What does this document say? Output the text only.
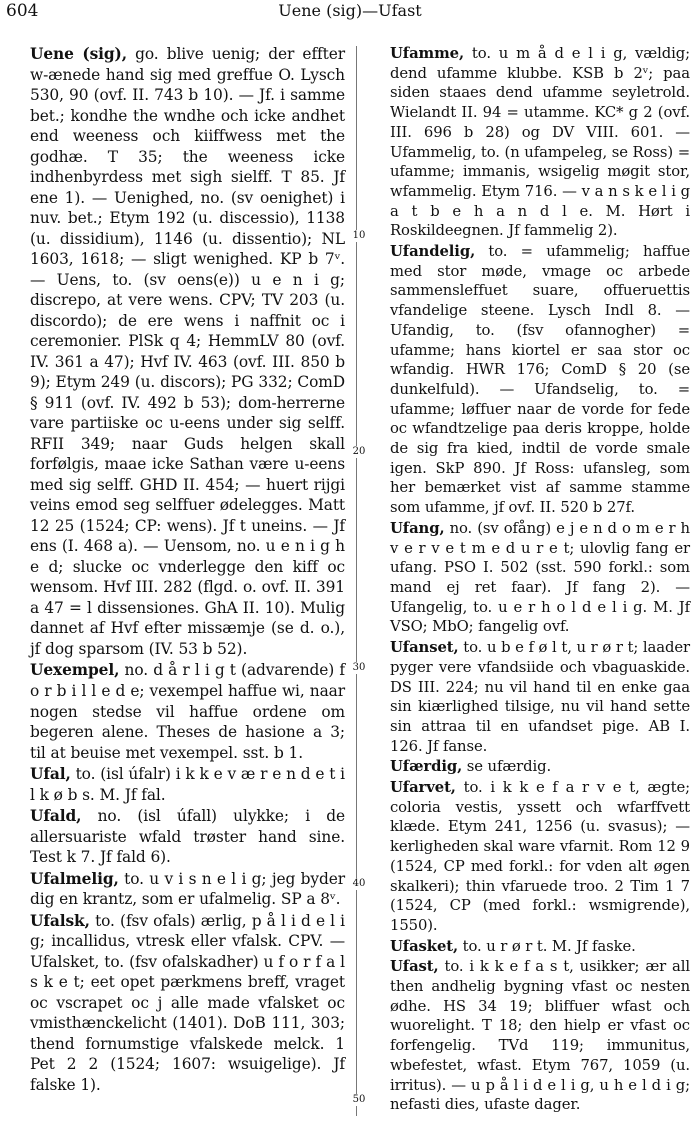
604	Uene (sig)—Ufast

Uene (sig), go. blive uenig; der effter w-ænede hand sig med greffue O. Lysch 530, 90 (ovf. II. 743 b 10). — Jf. i samme bet.; kondhe the wndhe och icke andhet end weeness och kiiffwess met the godhæ. T 35; the weeness icke indhenbyrdess met sigh sielff. T 85. Jf ene 1). — Uenighed, no. (sv oenighet) i nuv. bet.; Etym 192 (u. discessio), 1138 (u. dissidium), 1146 (u. dissentio); NL 1603, 1618; — sligt wenighed. KP b 7ᵛ. — Uens, to. (sv oens(e)) u e n i g; discrepo, at vere wens. CPV; TV 203 (u. discordo); de ere wens i naffnit oc i ceremonier. PlSk q 4; HemmLV 80 (ovf. IV. 361 a 47); Hvf IV. 463 (ovf. III. 850 b 9); Etym 249 (u. discors); PG 332; ComD § 911 (ovf. IV. 492 b 53); dom-herrerne vare partiiske oc u-eens under sig selff. RFII 349; naar Guds helgen skall forfølgis, maae icke Sathan være u-eens med sig selff. GHD II. 454; — huert rijgi veins emod seg selffuer ødelegges. Matt 12 25 (1524; CP: wens). Jf t uneins. — Jf ens (I. 468 a). — Uensom, no. u e n i g h e d; slucke oc vnderlegge den kiff oc wensom. Hvf III. 282 (flgd. o. ovf. II. 391 a 47 = l dissensiones. GhA II. 10). Mulig dannet af Hvf efter missæmje (se d. o.), jf dog sparsom (IV. 53 b 52).

Uexempel, no. d å r l i g t (advarende) f o r b i l l e d e; vexempel haffue wi, naar nogen stedse vil haffue ordene om begeren alene. Theses de hasione a 3; til at beuise met vexempel. sst. b 1.

Ufal, to. (isl úfalr) i k k e v æ r e n d e t i l k ø b s. M. Jf fal.

Ufald, no. (isl úfall) ulykke; i de allersuariste wfald trøster hand sine. Test k 7. Jf fald 6).

Ufalmelig, to. u v i s n e l i g; jeg byder dig en krantz, som er ufalmelig. SP a 8ᵛ.

Ufalsk, to. (fsv ofals) ærlig, p å l i d e l i g; incallidus, vtresk eller vfalsk. CPV. — Ufalsket, to. (fsv ofalskadher) u f o r f a l s k e t; eet opet pærkmens breff, vraget oc vscrapet oc j alle made vfalsket oc vmisthænckelicht (1401). DoB 111, 303; thend fornumstige vfalskede melck. 1 Pet 2 2 (1524; 1607: wsuigelige). Jf falske 1).

Ufamme, to. u m å d e l i g, vældig; dend ufamme klubbe. KSB b 2ᵛ; paa siden staaes dend ufamme seyletrold. Wielandt II. 94 = utamme. KC* g 2 (ovf. III. 696 b 28) og DV VIII. 601. — Ufammelig, to. (n ufampeleg, se Ross) = ufamme; immanis, wsigelig møgit stor, wfammelig. Etym 716. — v a n s k e l i g a t b e h a n d l e. M. Hørt i Roskildeegnen. Jf fammelig 2).

Ufandelig, to. = ufammelig; haffue med stor møde, vmage oc arbede sammensleffuet suare, offueruettis vfandelige steene. Lysch Indl 8. — Ufandig, to. (fsv ofannogher) = ufamme; hans kiortel er saa stor oc wfandig. HWR 176; ComD § 20 (se dunkelfuld). — Ufandselig, to. = ufamme; løffuer naar de vorde for fede oc wfandtzelige paa deris kroppe, holde de sig fra kied, indtil de vorde smale igen. SkP 890. Jf Ross: ufansleg, som her bemærket vist af samme stamme som ufamme, jf ovf. II. 520 b 27f.

Ufang, no. (sv ofång) e j e n d o m e r h v e r v e t m e d u r e t; ulovlig fang er ufang. PSO I. 502 (sst. 590 forkl.: som mand ej ret faar). Jf fang 2). — Ufangelig, to. u e r h o l d e l i g. M. Jf VSO; MbO; fangelig ovf.

Ufanset, to. u b e f ø l t, u r ø r t; laader pyger vere vfandsiide och vbaguaskide. DS III. 224; nu vil hand til en enke gaa sin kiærlighed tilsige, nu vil hand sette sin attraa til en ufandset pige. AB I. 126. Jf fanse.

Ufærdig, se ufærdig.

Ufarvet, to. i k k e f a r v e t, ægte; coloria vestis, yssett och wfarffvett klæde. Etym 241, 1256 (u. svasus); — kerligheden skal ware vfarnit. Rom 12 9 (1524, CP med forkl.: for vden alt øgen skalkeri); thin vfaruede troo. 2 Tim 1 7 (1524, CP (med forkl.: wsmigrende), 1550).

Ufasket, to. u r ø r t. M. Jf faske.

Ufast, to. i k k e f a s t, usikker; ær all then andhelig bygning vfast oc nesten ødhe. HS 34 19; bliffuer wfast och wuorelight. T 18; den hielp er vfast oc forfengelig. TVd 119; immunitus, wbefestet, wfast. Etym 767, 1059 (u. irritus). — u p å l i d e l i g, u h e l d i g; nefasti dies, ufaste dager.

10
20
30
40
50
